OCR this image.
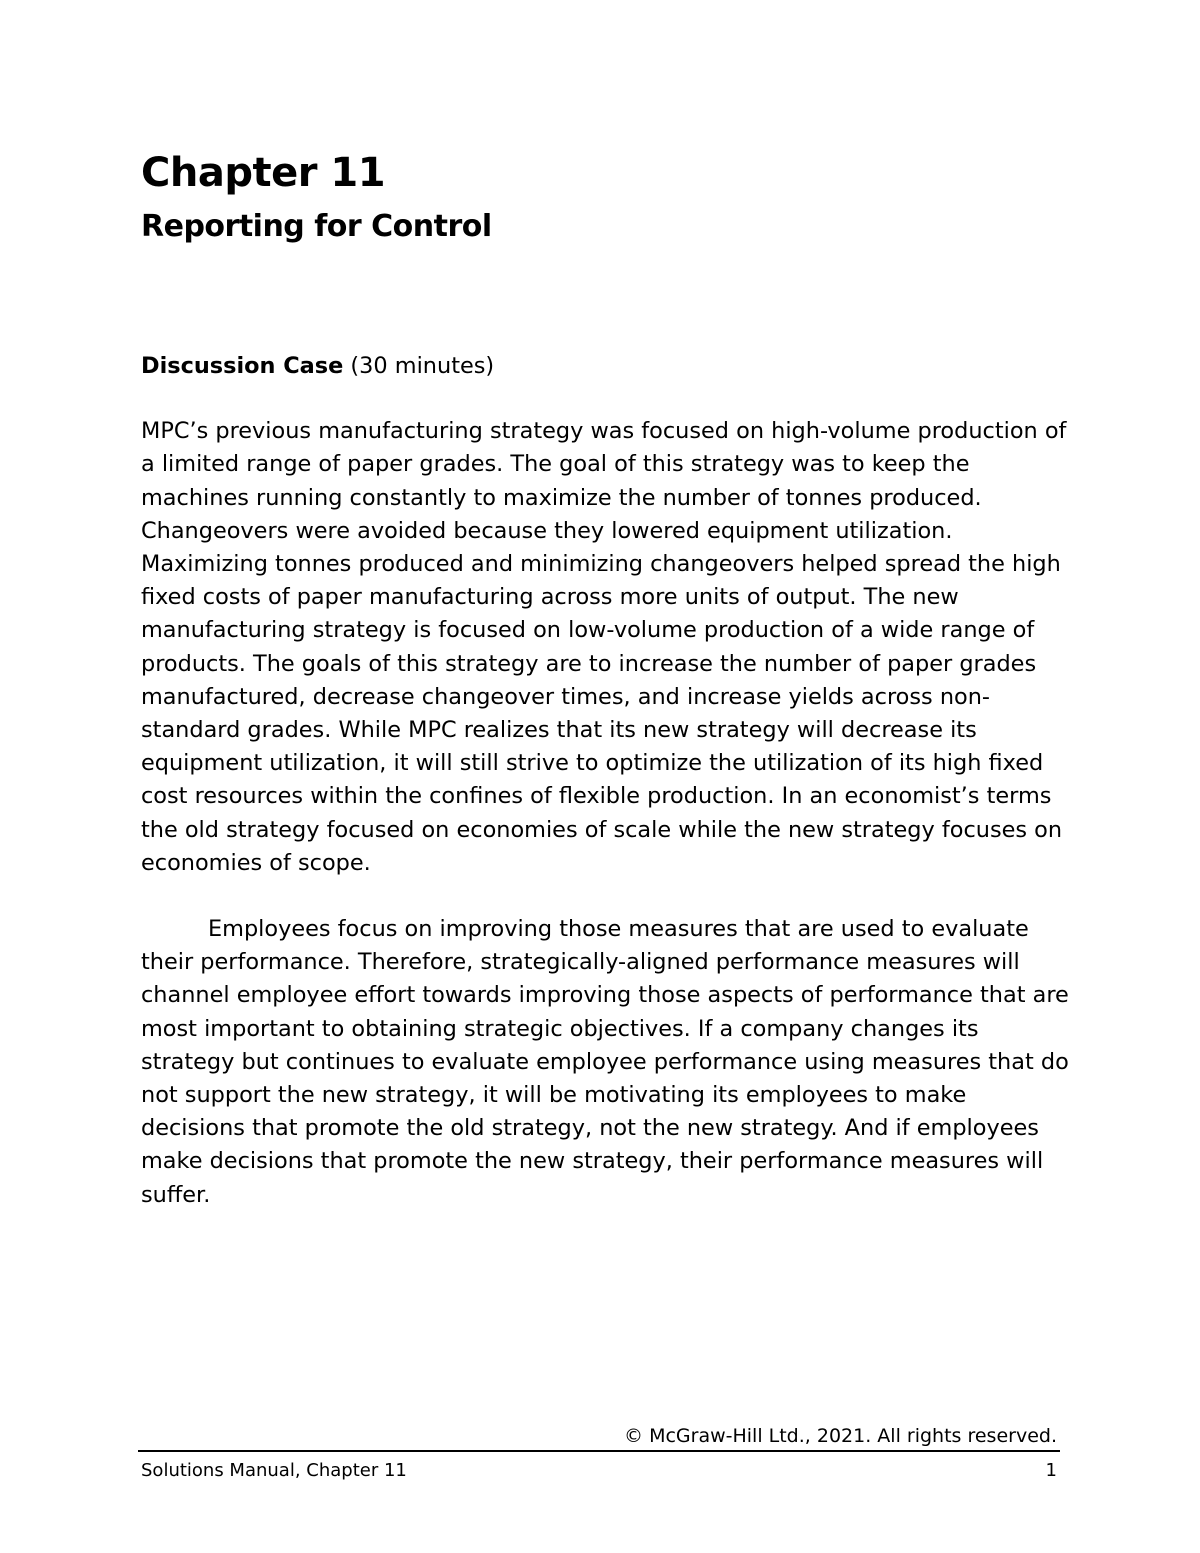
Chapter 11
Reporting for Control

Discussion Case (30 minutes)

MPC’s previous manufacturing strategy was focused on high-volume production of a limited range of paper grades. The goal of this strategy was to keep the machines running constantly to maximize the number of tonnes produced. Changeovers were avoided because they lowered equipment utilization. Maximizing tonnes produced and minimizing changeovers helped spread the high fixed costs of paper manufacturing across more units of output. The new manufacturing strategy is focused on low-volume production of a wide range of products. The goals of this strategy are to increase the number of paper grades manufactured, decrease changeover times, and increase yields across non-standard grades. While MPC realizes that its new strategy will decrease its equipment utilization, it will still strive to optimize the utilization of its high fixed cost resources within the confines of flexible production. In an economist’s terms the old strategy focused on economies of scale while the new strategy focuses on economies of scope.

Employees focus on improving those measures that are used to evaluate their performance. Therefore, strategically-aligned performance measures will channel employee effort towards improving those aspects of performance that are most important to obtaining strategic objectives. If a company changes its strategy but continues to evaluate employee performance using measures that do not support the new strategy, it will be motivating its employees to make decisions that promote the old strategy, not the new strategy. And if employees make decisions that promote the new strategy, their performance measures will suffer.

© McGraw-Hill Ltd., 2021. All rights reserved.
Solutions Manual, Chapter 11	1
